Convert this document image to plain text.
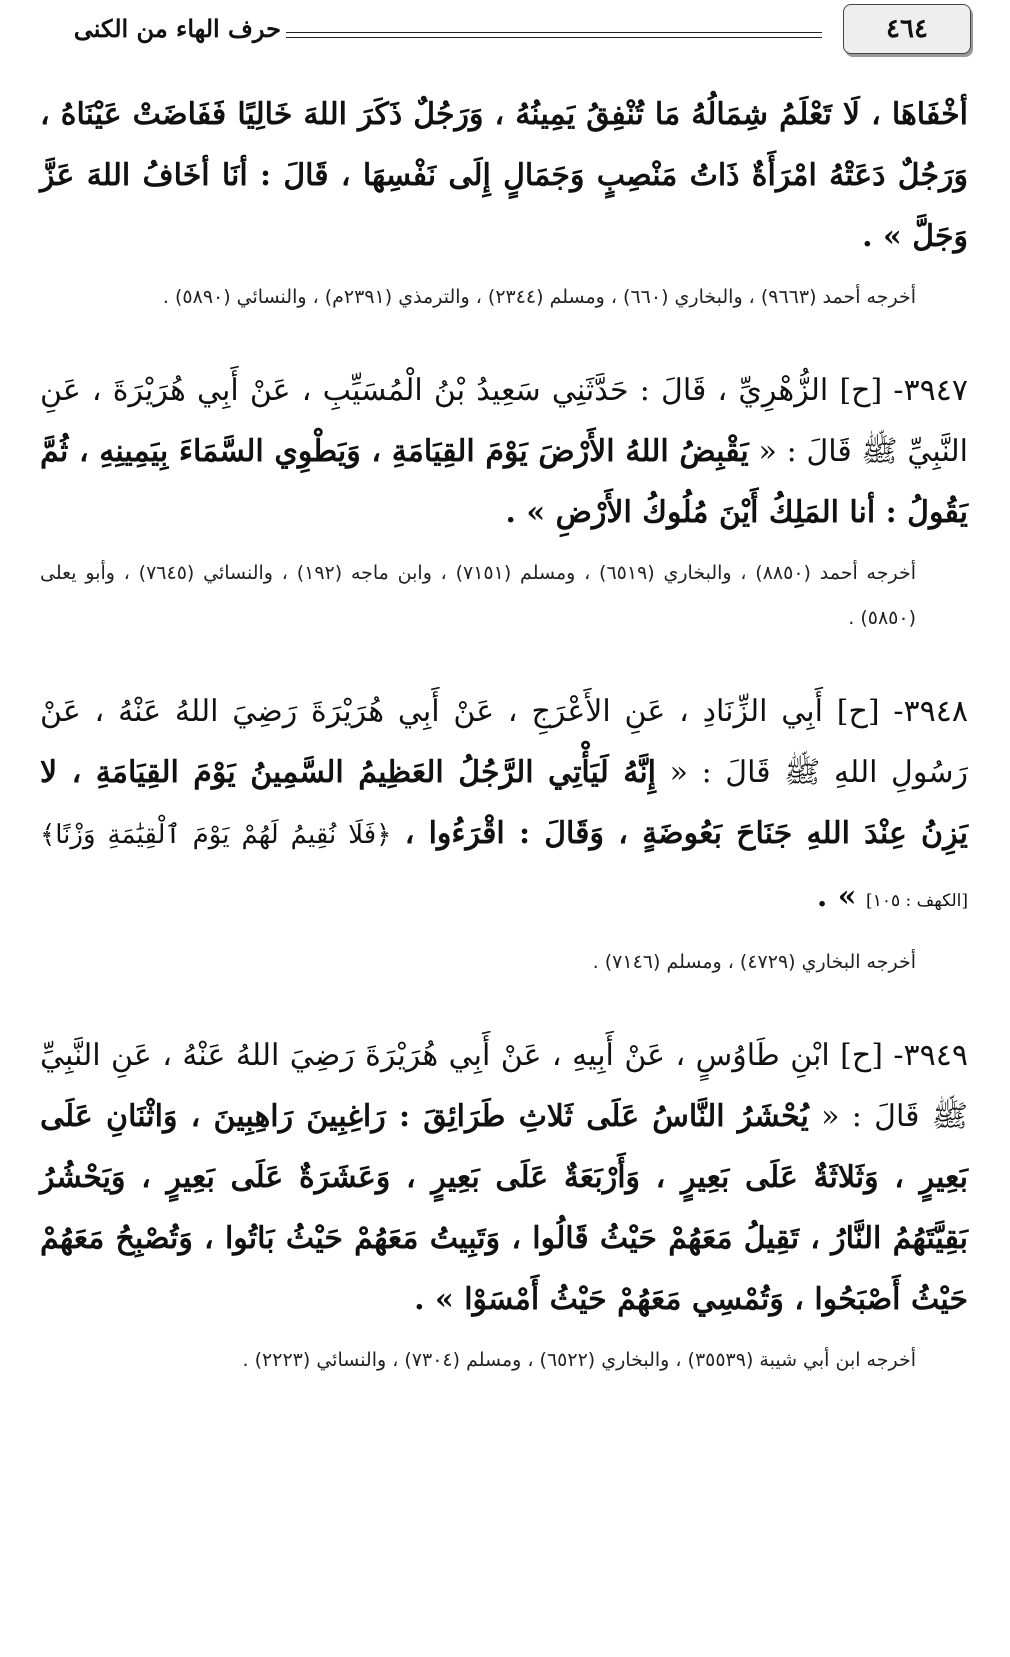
٤٦٤
حرف الهاء من الكنى

أخْفَاهَا ، لَا تَعْلَمُ شِمَالُهُ مَا تُنْفِقُ يَمِينُهُ ، وَرَجُلٌ ذَكَرَ اللهَ خَالِيًا فَفَاضَتْ عَيْنَاهُ ، وَرَجُلٌ دَعَتْهُ امْرَأَةٌ ذَاتُ مَنْصِبٍ وَجَمَالٍ إِلَى نَفْسِهَا ، قَالَ : أنَا أخَافُ اللهَ عَزَّ وَجَلَّ » .

أخرجه أحمد (٩٦٦٣) ، والبخاري (٦٦٠) ، ومسلم (٢٣٤٤) ، والترمذي (٢٣٩١م) ، والنسائي (٥٨٩٠) .

٣٩٤٧- [ح] الزُّهْرِيِّ ، قَالَ : حَدَّثَنِي سَعِيدُ بْنُ الْمُسَيِّبِ ، عَنْ أَبِي هُرَيْرَةَ ، عَنِ النَّبِيِّ ﷺ قَالَ : « يَقْبِضُ اللهُ الأَرْضَ يَوْمَ القِيَامَةِ ، وَيَطْوِي السَّمَاءَ بِيَمِينِهِ ، ثُمَّ يَقُولُ : أنا المَلِكُ أَيْنَ مُلُوكُ الأَرْضِ » .

أخرجه أحمد (٨٨٥٠) ، والبخاري (٦٥١٩) ، ومسلم (٧١٥١) ، وابن ماجه (١٩٢) ، والنسائي (٧٦٤٥) ، وأبو يعلى (٥٨٥٠) .

٣٩٤٨- [ح] أَبِي الزِّنَادِ ، عَنِ الأَعْرَجِ ، عَنْ أَبِي هُرَيْرَةَ رَضِيَ اللهُ عَنْهُ ، عَنْ رَسُولِ اللهِ ﷺ قَالَ : « إِنَّهُ لَيَأْتِي الرَّجُلُ العَظِيمُ السَّمِينُ يَوْمَ القِيَامَةِ ، لا يَزِنُ عِنْدَ اللهِ جَنَاحَ بَعُوضَةٍ ، وَقَالَ : اقْرَءُوا ، ﴿فَلَا نُقِيمُ لَهُمْ يَوْمَ ٱلْقِيَٰمَةِ وَزْنًا﴾ [الكهف : ١٠٥] » .

أخرجه البخاري (٤٧٢٩) ، ومسلم (٧١٤٦) .

٣٩٤٩- [ح] ابْنِ طَاوُسٍ ، عَنْ أَبِيهِ ، عَنْ أَبِي هُرَيْرَةَ رَضِيَ اللهُ عَنْهُ ، عَنِ النَّبِيِّ ﷺ قَالَ : « يُحْشَرُ النَّاسُ عَلَى ثَلاثِ طَرَائِقَ : رَاغِبِينَ رَاهِبِينَ ، وَاثْنَانِ عَلَى بَعِيرٍ ، وَثَلاثَةٌ عَلَى بَعِيرٍ ، وَأَرْبَعَةٌ عَلَى بَعِيرٍ ، وَعَشَرَةٌ عَلَى بَعِيرٍ ، وَيَحْشُرُ بَقِيَّتَهُمُ النَّارُ ، تَقِيلُ مَعَهُمْ حَيْثُ قَالُوا ، وَتَبِيتُ مَعَهُمْ حَيْثُ بَاتُوا ، وَتُصْبِحُ مَعَهُمْ حَيْثُ أَصْبَحُوا ، وَتُمْسِي مَعَهُمْ حَيْثُ أَمْسَوْا » .

أخرجه ابن أبي شيبة (٣٥٥٣٩) ، والبخاري (٦٥٢٢) ، ومسلم (٧٣٠٤) ، والنسائي (٢٢٢٣) .
